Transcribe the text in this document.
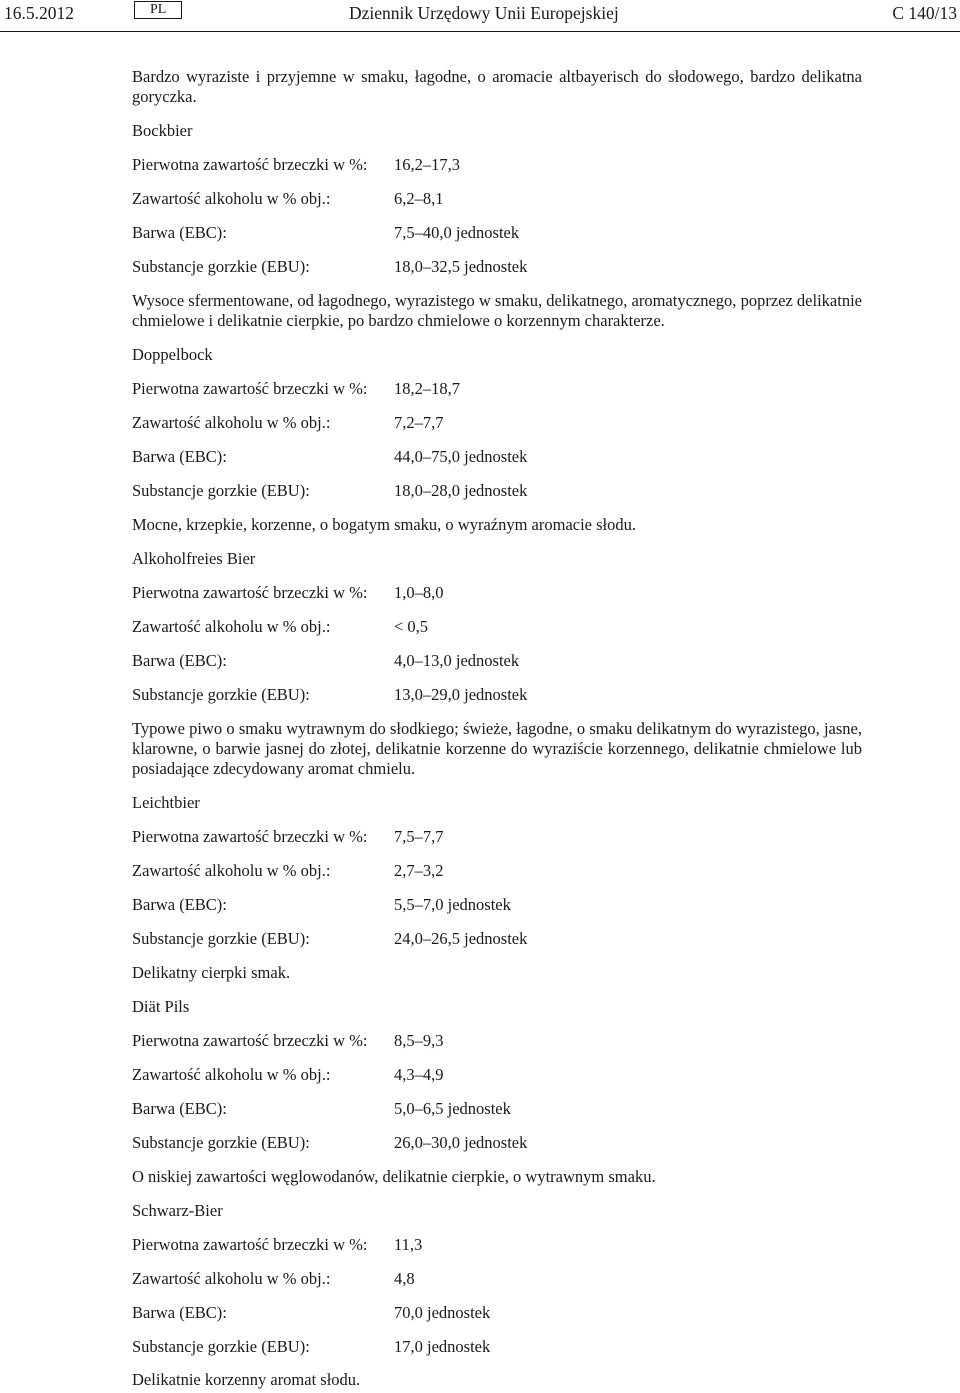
16.5.2012	PL	Dziennik Urzędowy Unii Europejskiej	C 140/13
Bardzo wyraziste i przyjemne w smaku, łagodne, o aromacie altbayerisch do słodowego, bardzo delikatna goryczka.
Bockbier
Pierwotna zawartość brzeczki w %: 16,2–17,3
Zawartość alkoholu w % obj.:	6,2–8,1
Barwa (EBC):	7,5–40,0 jednostek
Substancje gorzkie (EBU):	18,0–32,5 jednostek
Wysoce sfermentowane, od łagodnego, wyrazistego w smaku, delikatnego, aromatycznego, poprzez delikatnie chmielowe i delikatnie cierpkie, po bardzo chmielowe o korzennym charakterze.
Doppelbock
Pierwotna zawartość brzeczki w %: 18,2–18,7
Zawartość alkoholu w % obj.:	7,2–7,7
Barwa (EBC):	44,0–75,0 jednostek
Substancje gorzkie (EBU):	18,0–28,0 jednostek
Mocne, krzepkie, korzenne, o bogatym smaku, o wyraźnym aromacie słodu.
Alkoholfreies Bier
Pierwotna zawartość brzeczki w %: 1,0–8,0
Zawartość alkoholu w % obj.:	< 0,5
Barwa (EBC):	4,0–13,0 jednostek
Substancje gorzkie (EBU):	13,0–29,0 jednostek
Typowe piwo o smaku wytrawnym do słodkiego; świeże, łagodne, o smaku delikatnym do wyrazistego, jasne, klarowne, o barwie jasnej do złotej, delikatnie korzenne do wyraziście korzennego, delikatnie chmielowe lub posiadające zdecydowany aromat chmielu.
Leichtbier
Pierwotna zawartość brzeczki w %: 7,5–7,7
Zawartość alkoholu w % obj.:	2,7–3,2
Barwa (EBC):	5,5–7,0 jednostek
Substancje gorzkie (EBU):	24,0–26,5 jednostek
Delikatny cierpki smak.
Diät Pils
Pierwotna zawartość brzeczki w %: 8,5–9,3
Zawartość alkoholu w % obj.:	4,3–4,9
Barwa (EBC):	5,0–6,5 jednostek
Substancje gorzkie (EBU):	26,0–30,0 jednostek
O niskiej zawartości węglowodanów, delikatnie cierpkie, o wytrawnym smaku.
Schwarz-Bier
Pierwotna zawartość brzeczki w %: 11,3
Zawartość alkoholu w % obj.:	4,8
Barwa (EBC):	70,0 jednostek
Substancje gorzkie (EBU):	17,0 jednostek
Delikatnie korzenny aromat słodu.
